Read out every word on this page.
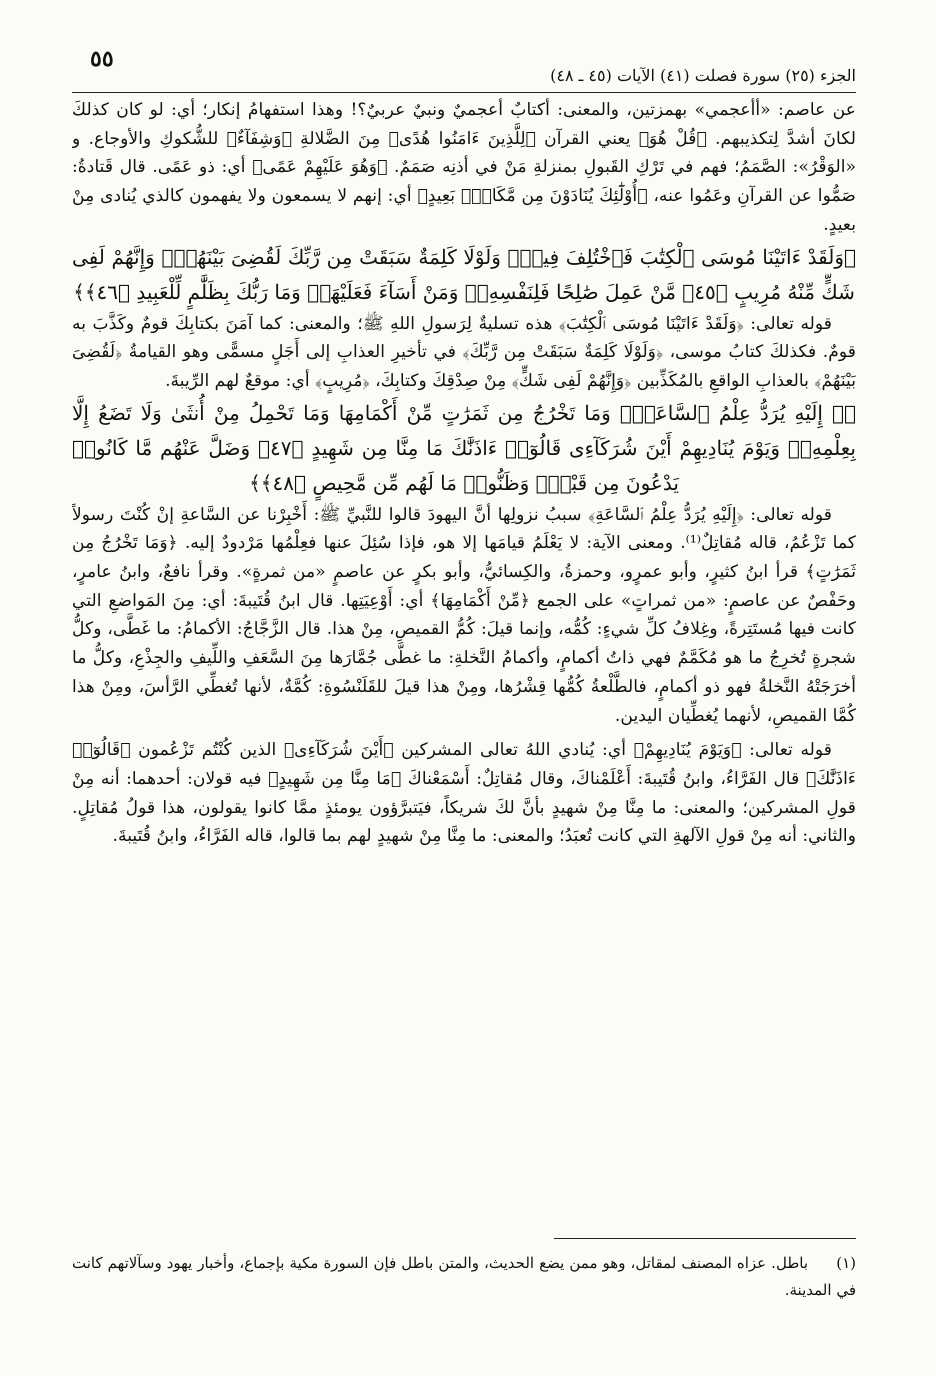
٥٥
الجزء (٢٥) سورة فصلت (٤١) الآيات (٤٥ ـ ٤٨)

عن عاصم: «أأعجمي» بهمزتين، والمعنى: أكتابٌ أعجميٌ ونبيٌ عربيٌ؟! وهذا استفهامُ إنكار؛ أي: لو كان كذلكَ لكانَ أشدَّ لِتكذيبهم. ﴿قُلْ هُوَ﴾ يعني القرآن ﴿لِلَّذِينَ ءَامَنُوا هُدًى﴾ مِنَ الضَّلالةِ ﴿وَشِفَآءٌ﴾ للشُّكوكِ والأوجاع. و «الوَقْرُ»: الصَّمَمُ؛ فهم في تَرْكِ القَبولِ بمنزلةِ مَنْ في أذنِه صَمَمٌ. ﴿وَهُوَ عَلَيْهِمْ عَمًى﴾ أي: ذو عَمًى. قال قَتادةُ: صَمُّوا عن القرآنِ وعَمُوا عنه، ﴿أُوْلَٰٓئِكَ يُنَادَوْنَ مِن مَّكَانٍۭ بَعِيدٍ﴾ أي: إنهم لا يسمعون ولا يفهمون كالذي يُنادى مِنْ بعيدٍ.

﴿وَلَقَدْ ءَاتَيْنَا مُوسَى ٱلْكِتَٰبَ فَٱخْتُلِفَ فِيهِۗ وَلَوْلَا كَلِمَةٌ سَبَقَتْ مِن رَّبِّكَ لَقُضِىَ بَيْنَهُمْۚ وَإِنَّهُمْ لَفِى شَكٍّ مِّنْهُ مُرِيبٍ ﴿٤٥﴾ مَّنْ عَمِلَ صَٰلِحًا فَلِنَفْسِهِۦۖ وَمَنْ أَسَآءَ فَعَلَيْهَاۗ وَمَا رَبُّكَ بِظَلَّٰمٍ لِّلْعَبِيدِ ﴿٤٦﴾﴾

قوله تعالى: ﴿وَلَقَدْ ءَاتَيْنَا مُوسَى ٱلْكِتَٰبَ﴾ هذه تسليةٌ لِرَسولِ اللهِ ﷺ؛ والمعنى: كما آمَنَ بكتابِكَ قومٌ وكَذَّبَ به قومٌ. فكذلكَ كتابُ موسى، ﴿وَلَوْلَا كَلِمَةٌ سَبَقَتْ مِن رَّبِّكَ﴾ في تأخيرِ العذابِ إلى أَجَلٍ مسمًّى وهو القيامةُ ﴿لَقُضِىَ بَيْنَهُمْ﴾ بالعذابِ الواقعِ بالمُكَذِّبين ﴿وَإِنَّهُمْ لَفِى شَكٍّ﴾ مِنْ صِدْقِكَ وكتابِكَ، ﴿مُرِيبٍ﴾ أي: موقعٌ لهم الرِّيبةَ.

﴿۞ إِلَيْهِ يُرَدُّ عِلْمُ ٱلسَّاعَةِۚ وَمَا تَخْرُجُ مِن ثَمَرَٰتٍ مِّنْ أَكْمَامِهَا وَمَا تَحْمِلُ مِنْ أُنثَىٰ وَلَا تَضَعُ إِلَّا بِعِلْمِهِۦۚ وَيَوْمَ يُنَادِيهِمْ أَيْنَ شُرَكَآءِى قَالُوٓا۟ ءَاذَنَّٰكَ مَا مِنَّا مِن شَهِيدٍ ﴿٤٧﴾ وَضَلَّ عَنْهُم مَّا كَانُوا۟ يَدْعُونَ مِن قَبْلُۖ وَظَنُّوا۟ مَا لَهُم مِّن مَّحِيصٍ ﴿٤٨﴾﴾

قوله تعالى: ﴿إِلَيْهِ يُرَدُّ عِلْمُ ٱلسَّاعَةِ﴾ سببُ نزولِها أنَّ اليهودَ قالوا للنَّبيِّ ﷺ: أَخْبِرْنا عن السَّاعةِ إنْ كُنْتَ رسولاً كما تَزْعُمُ، قاله مُقاتِلٌ⁽¹⁾. ومعنى الآية: لا يَعْلَمُ قيامَها إلا هو، فإذا سُئِلَ عنها فعِلْمُها مَرْدودٌ إليه. ﴿وَمَا تَخْرُجُ مِن ثَمَرَٰتٍ﴾ قرأ ابنُ كثيرٍ، وأبو عمرٍو، وحمزةُ، والكِسائيُّ، وأبو بكرٍ عن عاصمٍ «من ثمرةٍ». وقرأ نافعٌ، وابنُ عامرٍ، وحَفْصٌ عن عاصمٍ: «من ثمراتٍ» على الجمع ﴿مِّنْ أَكْمَامِهَا﴾ أي: أَوْعِيَتِها. قال ابنُ قُتَيبةَ: أي: مِنَ المَواضعِ التي كانت فيها مُستَتِرةً، وغِلافُ كلِّ شيءٍ: كُمُّه، وإنما قيلَ: كُمُّ القميصِ، مِنْ هذا. قال الزَّجَّاجُ: الأكمامُ: ما غَطَّى، وكلُّ شجرةٍ تُخرِجُ ما هو مُكَمَّمٌ فهي ذاتُ أكمامٍ، وأكمامُ النَّخلةِ: ما غطَّى جُمَّارَها مِنَ السَّعَفِ واللِّيفِ والجِذْعِ، وكلُّ ما أخرَجَتْهُ النَّخلةُ فهو ذو أكمامٍ، فالطَّلْعةُ كُمُّها قِشْرُها، ومِنْ هذا قيلَ للقَلَنْسُوةِ: كُمَّةٌ، لأنها تُغطِّي الرَّأسَ، ومِنْ هذا كُمَّا القميصِ، لأنهما يُغطِّيان اليدين.

قوله تعالى: ﴿وَيَوْمَ يُنَادِيهِمْ﴾ أي: يُنادي اللهُ تعالى المشركين ﴿أَيْنَ شُرَكَآءِى﴾ الذين كُنْتُم تَزْعُمون ﴿قَالُوٓا۟ ءَاذَنَّٰكَ﴾ قال الفَرَّاءُ، وابنُ قُتَيبةَ: أَعْلَمْناكَ، وقال مُقاتِلٌ: أَسْمَعْناكَ ﴿مَا مِنَّا مِن شَهِيدٍ﴾ فيه قولان: أحدهما: أنه مِنْ قولِ المشركين؛ والمعنى: ما مِنَّا مِنْ شهيدٍ بأنَّ لكَ شريكاً، فيَتبرَّؤون يومئذٍ ممَّا كانوا يقولون، هذا قولُ مُقاتِلٍ. والثاني: أنه مِنْ قولِ الآلهةِ التي كانت تُعبَدُ؛ والمعنى: ما مِنَّا مِنْ شهيدٍ لهم بما قالوا، قاله الفَرَّاءُ، وابنُ قُتَيبةَ.

(١)باطل. عزاه المصنف لمقاتل، وهو ممن يضع الحديث، والمتن باطل فإن السورة مكية بإجماع، وأخبار يهود وسآلاتهم كانت في المدينة.
